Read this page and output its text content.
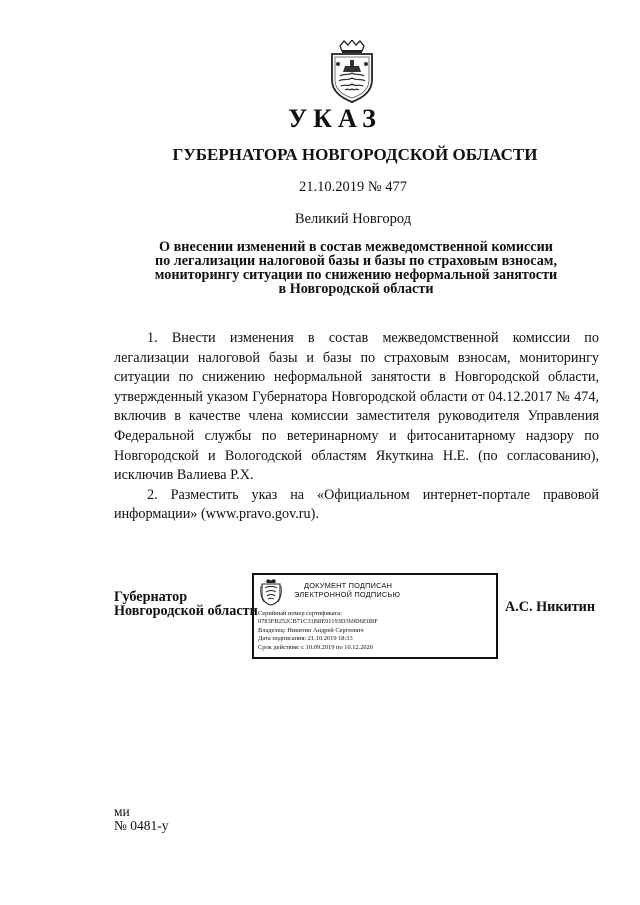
УКАЗ
ГУБЕРНАТОРА НОВГОРОДСКОЙ ОБЛАСТИ
21.10.2019 № 477
Великий Новгород
О внесении изменений в состав межведомственной комиссии
по легализации налоговой базы и базы по страховым взносам,
мониторингу ситуации по снижению неформальной занятости
в Новгородской области

1. Внести изменения в состав межведомственной комиссии по легализации налоговой базы и базы по страховым взносам, мониторингу ситуации по снижению неформальной занятости в Новгородской области, утвержденный указом Губернатора Новгородской области от 04.12.2017 № 474, включив в качестве члена комиссии заместителя руководителя Управления Федеральной службы по ветеринарному и фитосанитарному надзору по Новгородской и Вологодской областям Якуткина Н.Е. (по согласованию), исключив Валиева Р.Х.

2. Разместить указ на «Официальном интернет-портале правовой информации» (www.pravo.gov.ru).

Губернатор
Новгородской области
ДОКУМЕНТ ПОДПИСАН
ЭЛЕКТРОННОЙ ПОДПИСЬЮ
Серийный номер сертификата:
0783FB252CB71C31B8E91193D369D6E0BF
Владелец: Никитин Андрей Сергеевич
Дата подписания: 21.10.2019 18:33
Срок действия: с 10.09.2019 по 10.12.2020
А.С. Никитин
ми
№ 0481-у
